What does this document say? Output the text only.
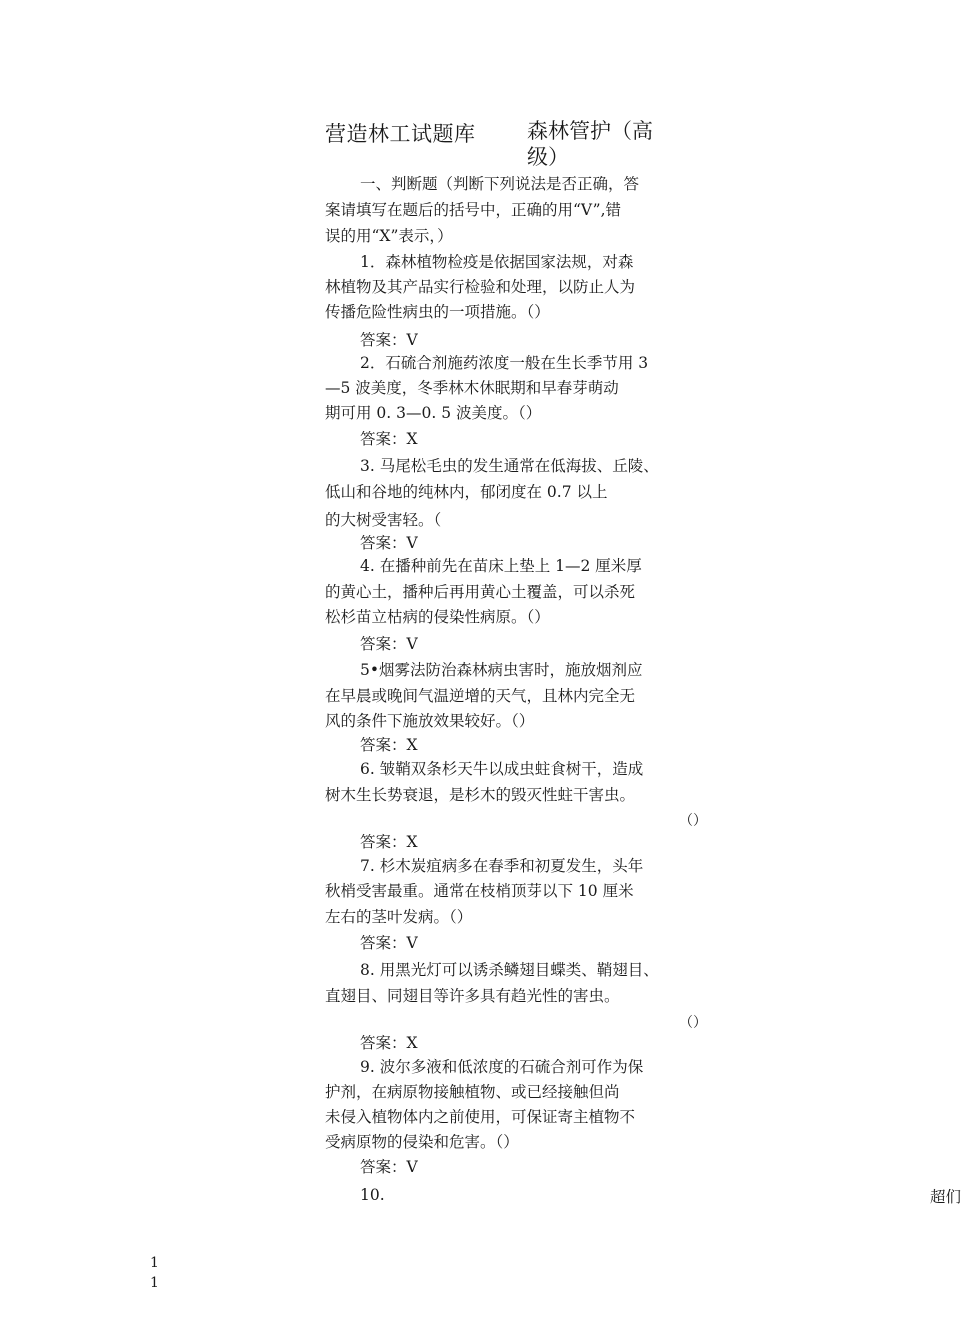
营造林工试题库 森林管护（高级）
一、判断题（判断下列说法是否正确，答
案请填写在题后的括号中，正确的用“V”,错
误的用“X”表示，）
1．森林植物检疫是依据国家法规，对森
林植物及其产品实行检验和处理，以防止人为
传播危险性病虫的一项措施。（）
答案：V
2．石硫合剂施药浓度一般在生长季节用 3
—5 波美度，冬季林木休眠期和早春芽萌动
期可用 0. 3—0. 5 波美度。（）
答案：X
3. 马尾松毛虫的发生通常在低海拔、丘陵、
低山和谷地的纯林内，郁闭度在 0.7 以上
的大树受害轻。（
答案：V
4. 在播种前先在苗床上垫上 1—2 厘米厚
的黄心土，播种后再用黄心土覆盖，可以杀死
松杉苗立枯病的侵染性病原。（）
答案：V
5•烟雾法防治森林病虫害时，施放烟剂应
在早晨或晚间气温逆增的天气，且林内完全无
风的条件下施放效果较好。（）
答案：X
6. 皱鞘双条杉天牛以成虫蛀食树干，造成
树木生长势衰退，是杉木的毁灭性蛀干害虫。
（）
答案：X
7. 杉木炭疽病多在春季和初夏发生，头年
秋梢受害最重。通常在枝梢顶芽以下 10 厘米
左右的茎叶发病。（）
答案：V
8. 用黑光灯可以诱杀鳞翅目蝶类、鞘翅目、
直翅目、同翅目等许多具有趋光性的害虫。
（）
答案：X
9. 波尔多液和低浓度的石硫合剂可作为保
护剂，在病原物接触植物、或已经接触但尚
未侵入植物体内之前使用，可保证寄主植物不
受病原物的侵染和危害。（）
答案：V
10.	超们
1
1
